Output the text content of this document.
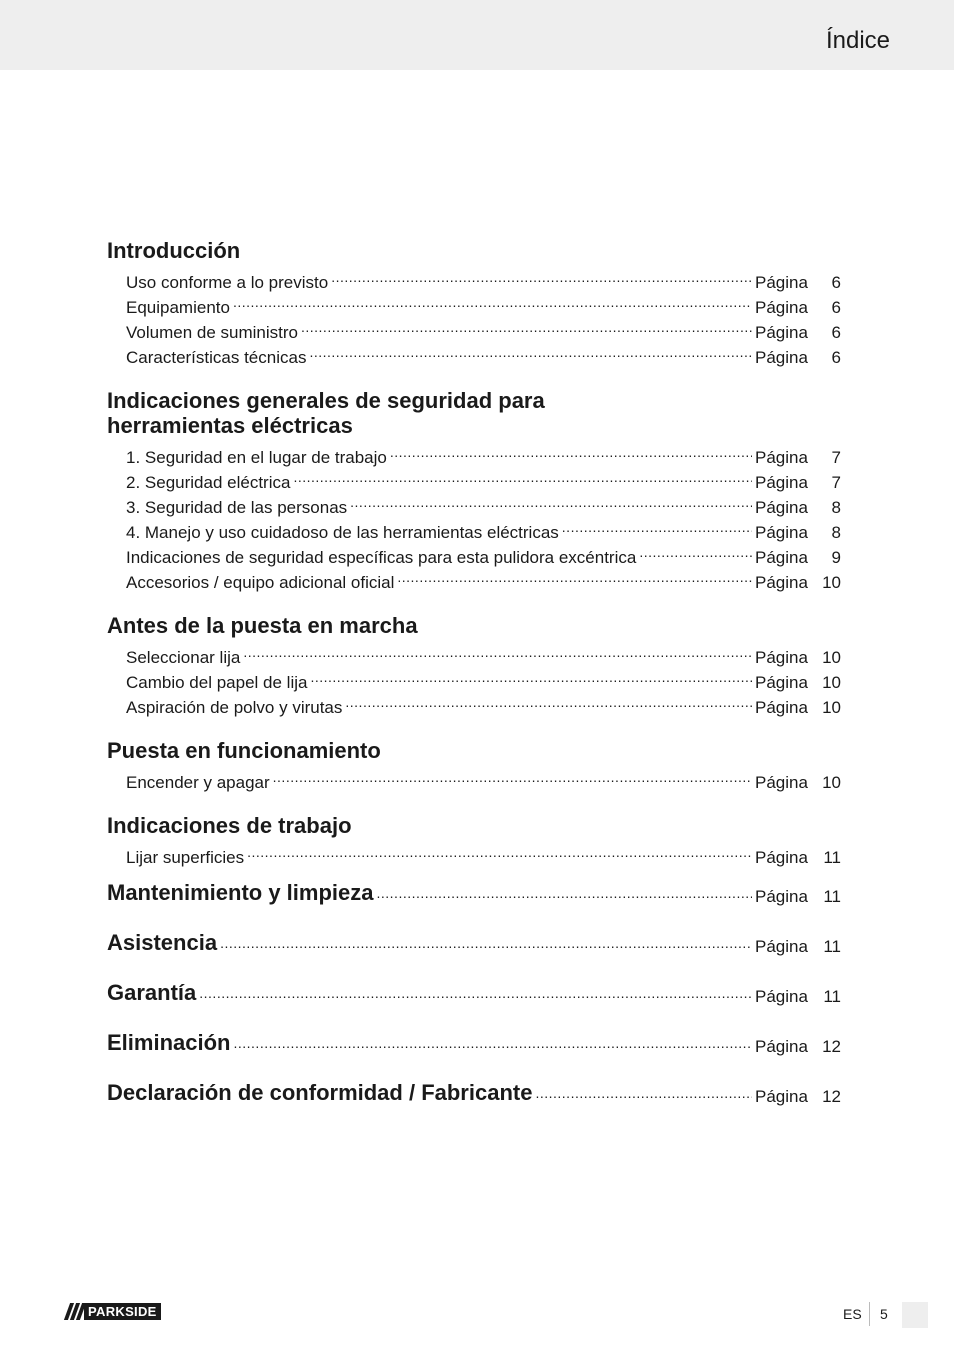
Índice
Introducción
Uso conforme a lo previsto .....	Página	6
Equipamiento .....	Página	6
Volumen de suministro .....	Página	6
Características técnicas .....	Página	6
Indicaciones generales de seguridad para herramientas eléctricas
1. Seguridad en el lugar de trabajo .....	Página	7
2. Seguridad eléctrica .....	Página	7
3. Seguridad de las personas .....	Página	8
4. Manejo y uso cuidadoso de las herramientas eléctricas .....	Página	8
Indicaciones de seguridad específicas para esta pulidora excéntrica .....	Página	9
Accesorios / equipo adicional oficial .....	Página 10
Antes de la puesta en marcha
Seleccionar lija .....	Página 10
Cambio del papel de lija .....	Página 10
Aspiración de polvo y virutas .....	Página 10
Puesta en funcionamiento
Encender y apagar .....	Página 10
Indicaciones de trabajo
Lijar superficies .....	Página 11
Mantenimiento y limpieza .....	Página 11
Asistencia .....	Página 11
Garantía .....	Página 11
Eliminación .....	Página 12
Declaración de conformidad / Fabricante .....	Página 12
PARKSIDE	ES 5
